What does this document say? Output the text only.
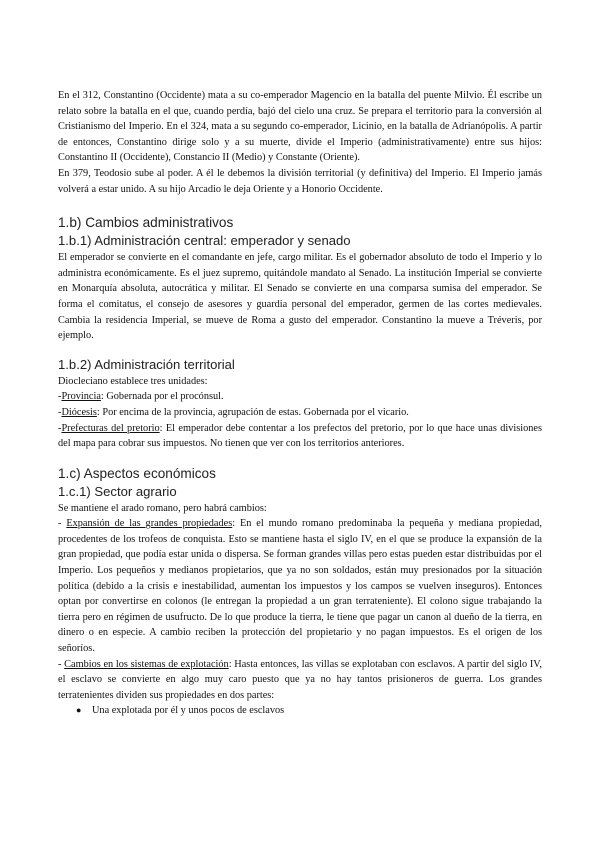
En el 312, Constantino (Occidente) mata a su co-emperador Magencio en la batalla del puente Milvio. Él escribe un relato sobre la batalla en el que, cuando perdía, bajó del cielo una cruz. Se prepara el territorio para la conversión al Cristianismo del Imperio. En el 324, mata a su segundo co-emperador, Licinio, en la batalla de Adrianópolis. A partir de entonces, Constantino dirige solo y a su muerte, divide el Imperio (administrativamente) entre sus hijos: Constantino II (Occidente), Constancio II (Medio) y Constante (Oriente).

En 379, Teodosio sube al poder. A él le debemos la división territorial (y definitiva) del Imperio. El Imperio jamás volverá a estar unido. A su hijo Arcadio le deja Oriente y a Honorio Occidente.

1.b) Cambios administrativos
1.b.1) Administración central: emperador y senado

El emperador se convierte en el comandante en jefe, cargo militar. Es el gobernador absoluto de todo el Imperio y lo administra económicamente. Es el juez supremo, quitándole mandato al Senado. La institución Imperial se convierte en Monarquía absoluta, autocrática y militar. El Senado se convierte en una comparsa sumisa del emperador. Se forma el comitatus, el consejo de asesores y guardia personal del emperador, germen de las cortes medievales. Cambia la residencia Imperial, se mueve de Roma a gusto del emperador. Constantino la mueve a Tréveris, por ejemplo.

1.b.2) Administración territorial

Diocleciano establece tres unidades:

-Provincia: Gobernada por el procónsul.

-Diócesis: Por encima de la provincia, agrupación de estas. Gobernada por el vicario.

-Prefecturas del pretorio: El emperador debe contentar a los prefectos del pretorio, por lo que hace unas divisiones del mapa para cobrar sus impuestos. No tienen que ver con los territorios anteriores.

1.c) Aspectos económicos
1.c.1) Sector agrario

Se mantiene el arado romano, pero habrá cambios:

- Expansión de las grandes propiedades: En el mundo romano predominaba la pequeña y mediana propiedad, procedentes de los trofeos de conquista. Esto se mantiene hasta el siglo IV, en el que se produce la expansión de la gran propiedad, que podía estar unida o dispersa. Se forman grandes villas pero estas pueden estar distribuidas por el Imperio. Los pequeños y medianos propietarios, que ya no son soldados, están muy presionados por la situación política (debido a la crisis e inestabilidad, aumentan los impuestos y los campos se vuelven inseguros). Entonces optan por convertirse en colonos (le entregan la propiedad a un gran terrateniente). El colono sigue trabajando la tierra pero en régimen de usufructo. De lo que produce la tierra, le tiene que pagar un canon al dueño de la tierra, en dinero o en especie. A cambio reciben la protección del propietario y no pagan impuestos. Es el origen de los señoríos.

- Cambios en los sistemas de explotación: Hasta entonces, las villas se explotaban con esclavos. A partir del siglo IV, el esclavo se convierte en algo muy caro puesto que ya no hay tantos prisioneros de guerra. Los grandes terratenientes dividen sus propiedades en dos partes:

● Una explotada por él y unos pocos de esclavos
